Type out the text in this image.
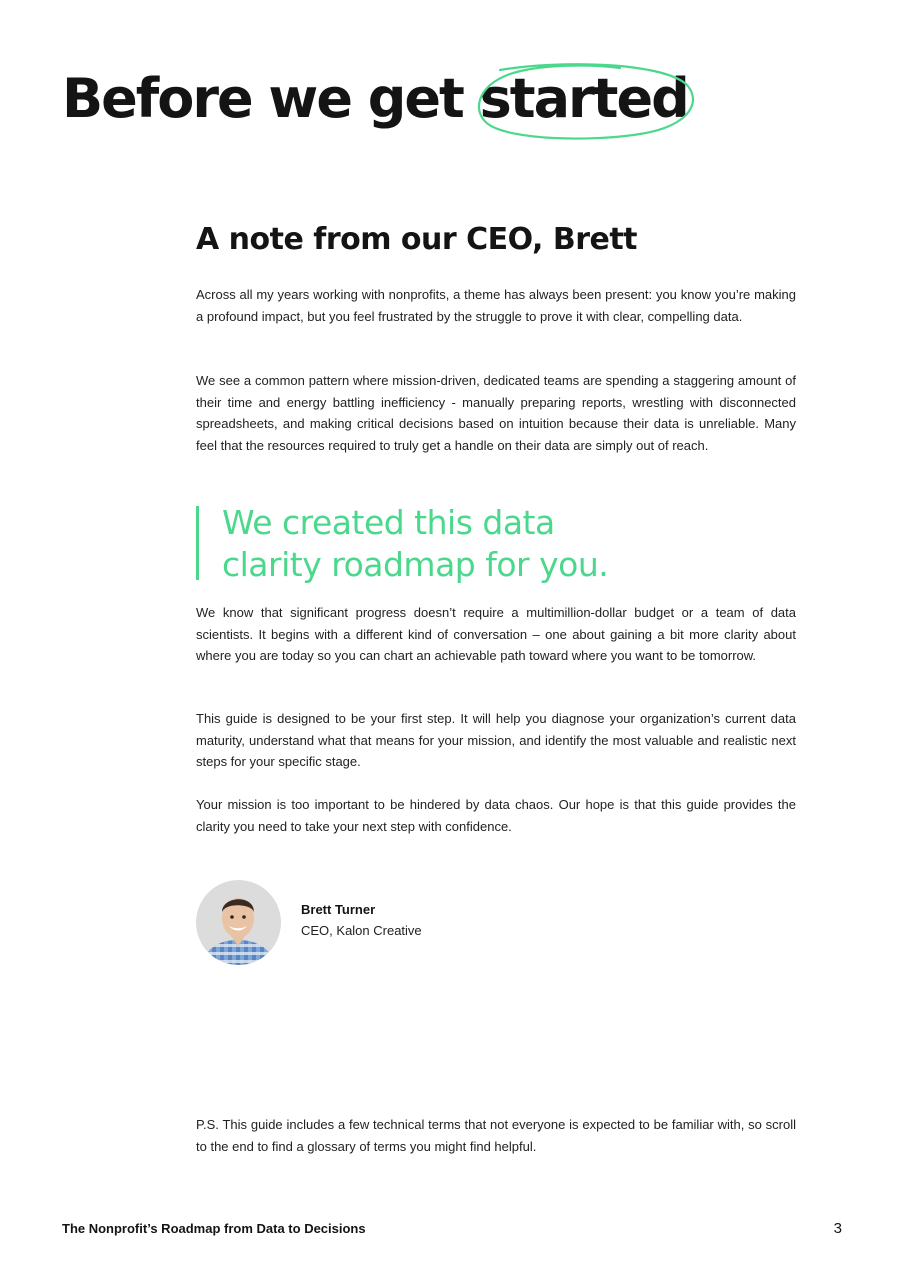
Before we get
started
A note from our CEO, Brett

Across all my years working with nonprofits, a theme has always been present: you know you’re making a profound impact, but you feel frustrated by the struggle to prove it with clear, compelling data.

We see a common pattern where mission-driven, dedicated teams are spending a staggering amount of their time and energy battling inefficiency - manually preparing reports, wrestling with disconnected spreadsheets, and making critical decisions based on intuition because their data is unreliable. Many feel that the resources required to truly get a handle on their data are simply out of reach.

We created this data clarity roadmap for you.

We know that significant progress doesn’t require a multimillion-dollar budget or a team of data scientists. It begins with a different kind of conversation – one about gaining a bit more clarity about where you are today so you can chart an achievable path toward where you want to be tomorrow.

This guide is designed to be your first step. It will help you diagnose your organization’s current data maturity, understand what that means for your mission, and identify the most valuable and realistic next steps for your specific stage.

Your mission is too important to be hindered by data chaos. Our hope is that this guide provides the clarity you need to take your next step with confidence.

Brett Turner
CEO, Kalon Creative

P.S. This guide includes a few technical terms that not everyone is expected to be familiar with, so scroll to the end to find a glossary of terms you might find helpful.

The Nonprofit’s Roadmap from Data to Decisions	3
